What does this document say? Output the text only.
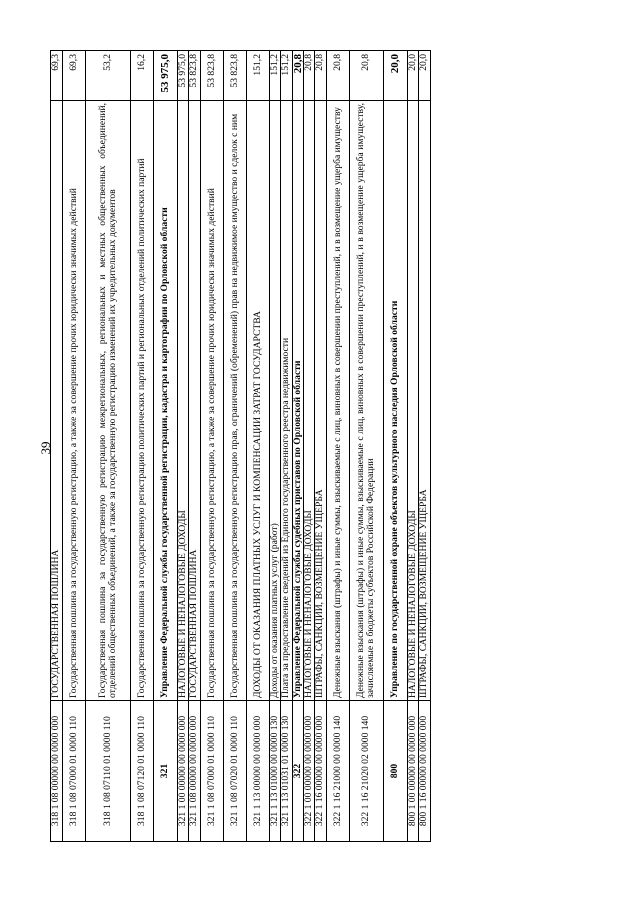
39
318 1 08 00000 00 0000 000	ГОСУДАРСТВЕННАЯ ПОШЛИНА	69,3
318 1 08 07000 01 0000 110	Государственная пошлина за государственную регистрацию, а также за совершение прочих юридически значимых действий	69,3
318 1 08 07110 01 0000 110	Государственная пошлина за государственную регистрацию межрегиональных, региональных и местных общественных объединений, отделений общественных объединений, а также за государственную регистрацию изменений их учредительных документов	53,2
318 1 08 07120 01 0000 110	Государственная пошлина за государственную регистрацию политических партий и региональных отделений политических партий	16,2
321	Управление Федеральной службы государственной регистрации, кадастра и картографии по Орловской области	53 975,0
321 1 00 00000 00 0000 000	НАЛОГОВЫЕ И НЕНАЛОГОВЫЕ ДОХОДЫ	53 975,0
321 1 08 00000 00 0000 000	ГОСУДАРСТВЕННАЯ ПОШЛИНА	53 823,8
321 1 08 07000 01 0000 110	Государственная пошлина за государственную регистрацию, а также за совершение прочих юридически значимых действий	53 823,8
321 1 08 07020 01 0000 110	Государственная пошлина за государственную регистрацию прав, ограничений (обременений) прав на недвижимое имущество и сделок с ним	53 823,8
321 1 13 00000 00 0000 000	ДОХОДЫ ОТ ОКАЗАНИЯ ПЛАТНЫХ УСЛУГ И КОМПЕНСАЦИИ ЗАТРАТ ГОСУДАРСТВА	151,2
321 1 13 01000 00 0000 130	Доходы от оказания платных услуг (работ)	151,2
321 1 13 01031 01 0000 130	Плата за предоставление сведений из Единого государственного реестра недвижимости	151,2
322	Управление Федеральной службы судебных приставов по Орловской области	20,8
322 1 00 00000 00 0000 000	НАЛОГОВЫЕ И НЕНАЛОГОВЫЕ ДОХОДЫ	20,8
322 1 16 00000 00 0000 000	ШТРАФЫ, САНКЦИИ, ВОЗМЕЩЕНИЕ УЩЕРБА	20,8
322 1 16 21000 00 0000 140	Денежные взыскания (штрафы) и иные суммы, взыскиваемые с лиц, виновных в совершении преступлений, и в возмещение ущерба имуществу	20,8
322 1 16 21020 02 0000 140	Денежные взыскания (штрафы) и иные суммы, взыскиваемые с лиц, виновных в совершении преступлений, и в возмещение ущерба имуществу, зачисляемые в бюджеты субъектов Российской Федерации	20,8
800	Управление по государственной охране объектов культурного наследия Орловской области	20,0
800 1 00 00000 00 0000 000	НАЛОГОВЫЕ И НЕНАЛОГОВЫЕ ДОХОДЫ	20,0
800 1 16 00000 00 0000 000	ШТРАФЫ, САНКЦИИ, ВОЗМЕЩЕНИЕ УЩЕРБА	20,0
